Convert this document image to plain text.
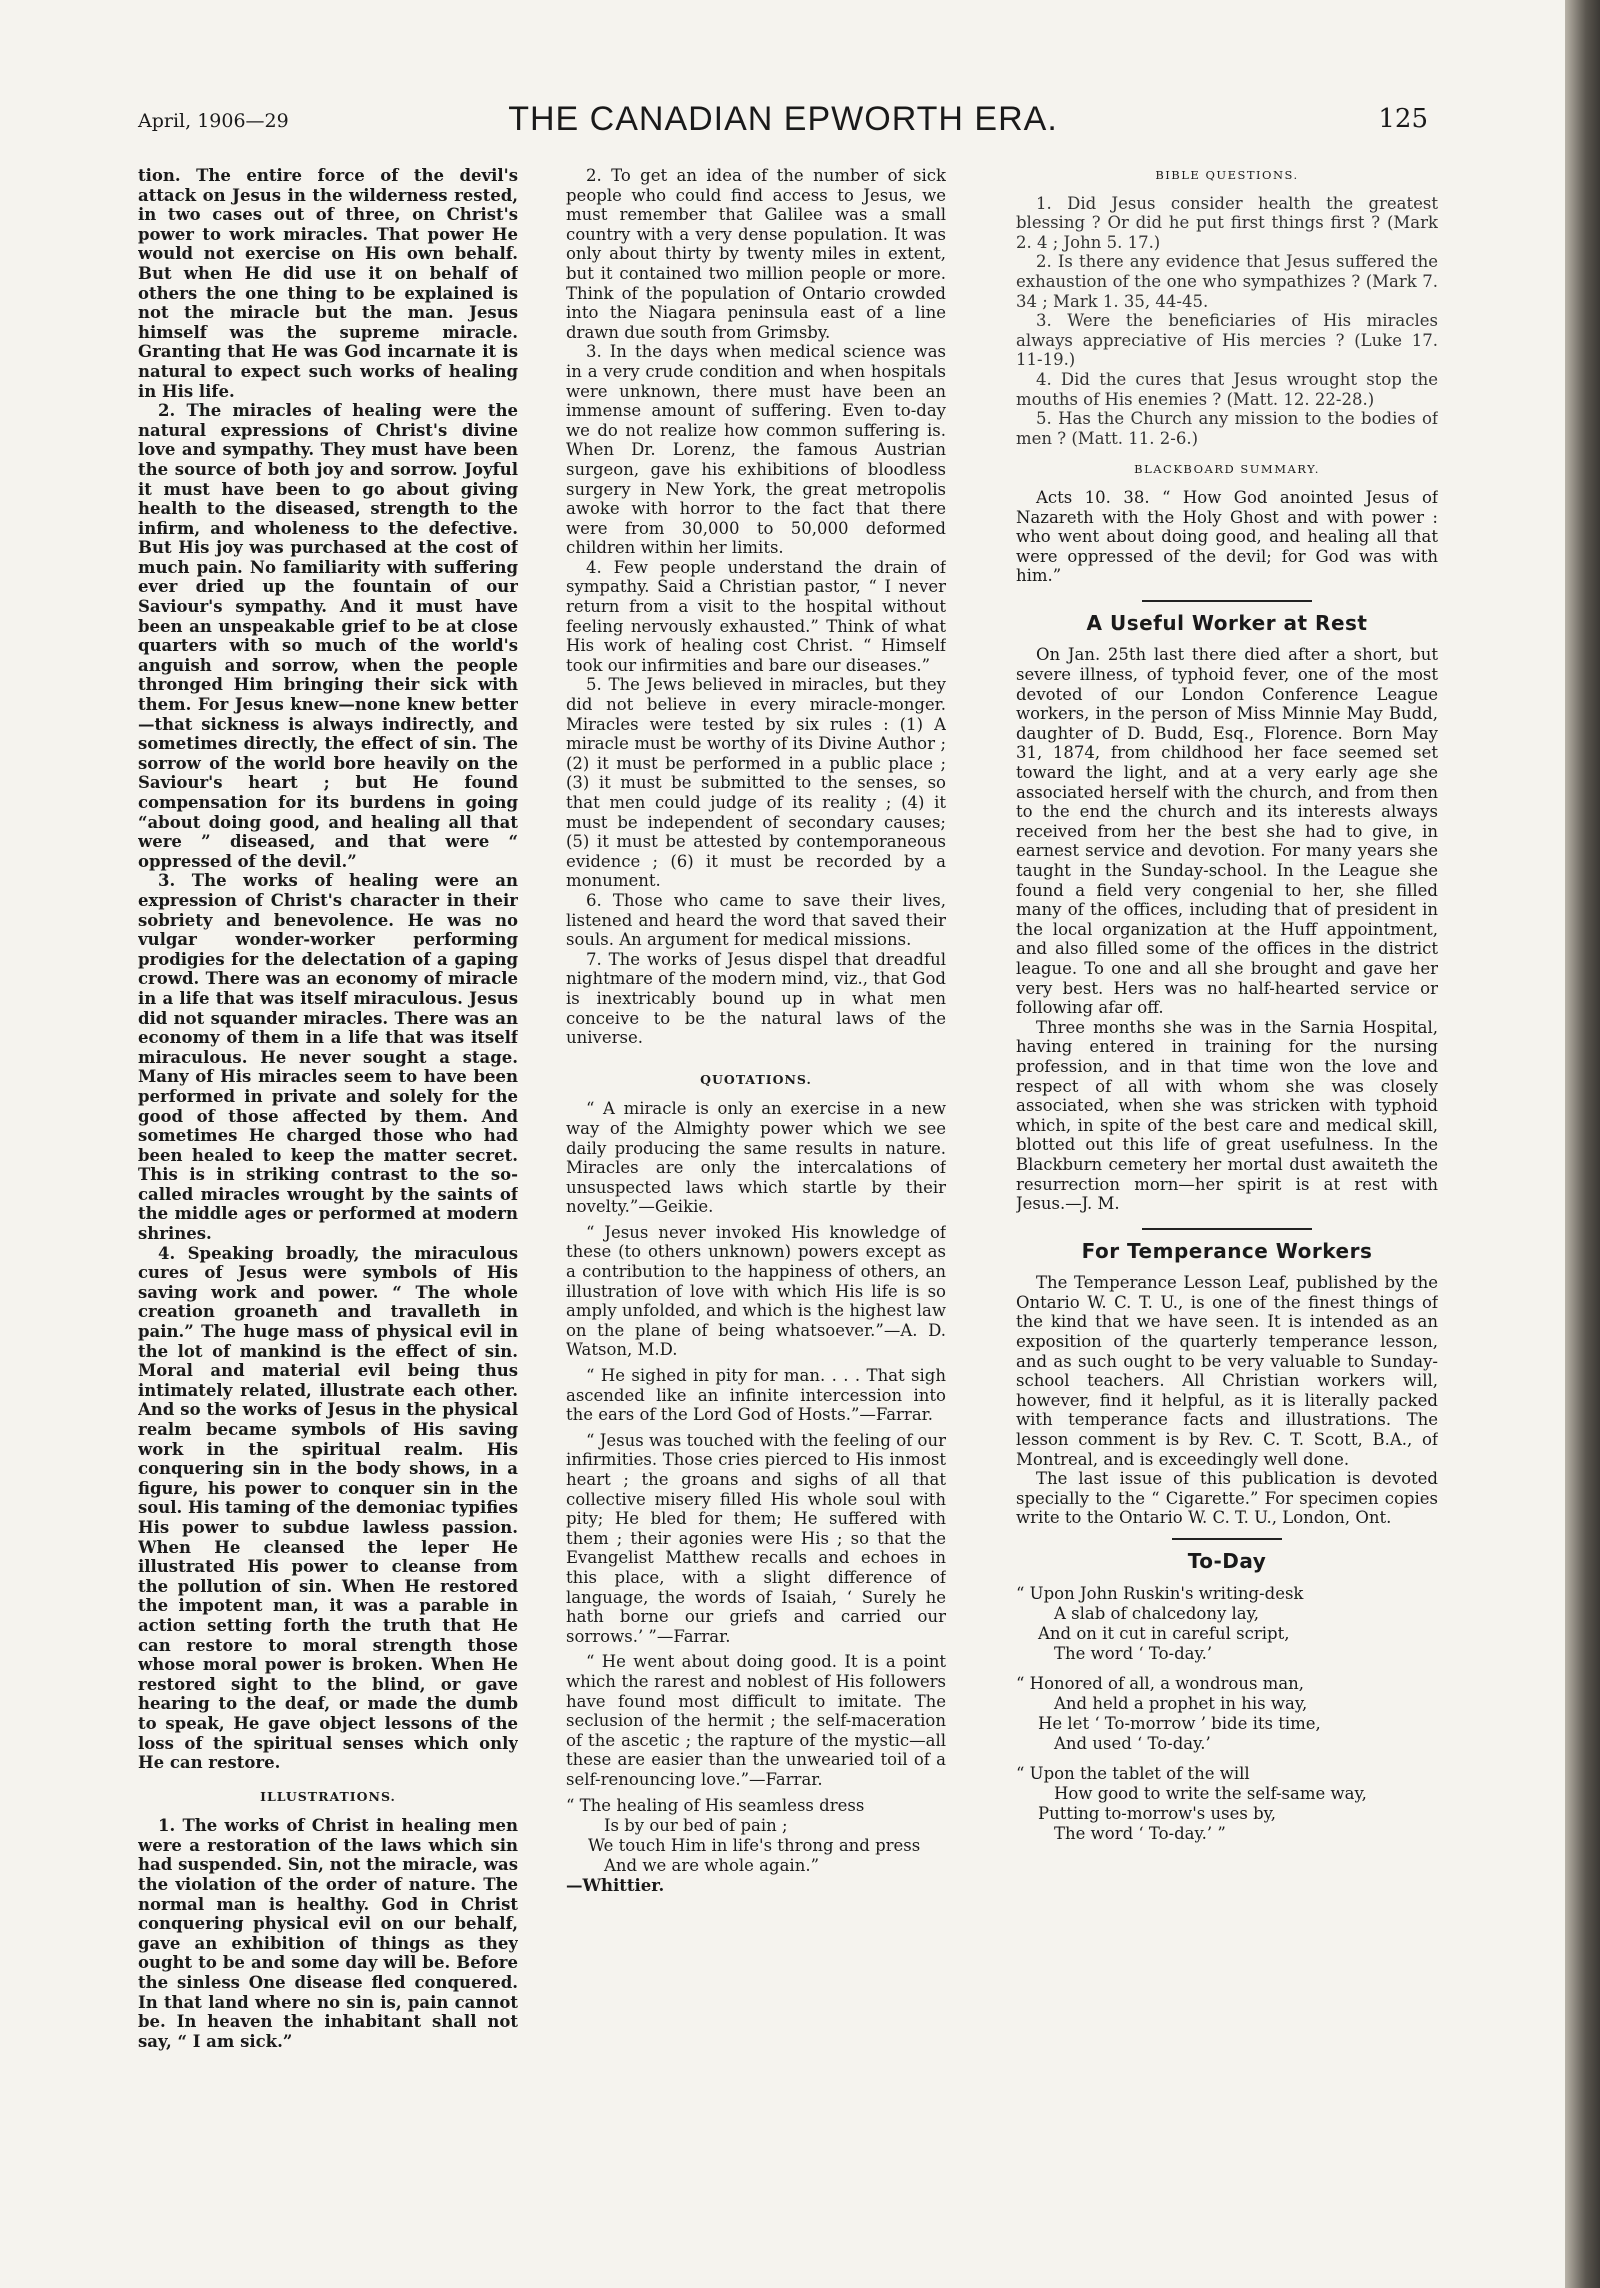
April, 1906—29	THE CANADIAN EPWORTH ERA.	125

tion. The entire force of the devil's attack on Jesus in the wilderness rested, in two cases out of three, on Christ's power to work miracles. That power He would not exercise on His own behalf. But when He did use it on behalf of others the one thing to be explained is not the miracle but the man. Jesus himself was the supreme miracle. Granting that He was God incarnate it is natural to expect such works of healing in His life.

2. The miracles of healing were the natural expressions of Christ's divine love and sympathy. They must have been the source of both joy and sorrow. Joyful it must have been to go about giving health to the diseased, strength to the infirm, and wholeness to the defective. But His joy was purchased at the cost of much pain. No familiarity with suffering ever dried up the fountain of our Saviour's sympathy. And it must have been an unspeakable grief to be at close quarters with so much of the world's anguish and sorrow, when the people thronged Him bringing their sick with them. For Jesus knew—none knew better—that sickness is always indirectly, and sometimes directly, the effect of sin. The sorrow of the world bore heavily on the Saviour's heart ; but He found compensation for its burdens in going “about doing good, and healing all that were ” diseased, and that were “ oppressed of the devil.”

3. The works of healing were an expression of Christ's character in their sobriety and benevolence. He was no vulgar wonder-worker performing prodigies for the delectation of a gaping crowd. There was an economy of miracle in a life that was itself miraculous. Jesus did not squander miracles. There was an economy of them in a life that was itself miraculous. He never sought a stage. Many of His miracles seem to have been performed in private and solely for the good of those affected by them. And sometimes He charged those who had been healed to keep the matter secret. This is in striking contrast to the so-called miracles wrought by the saints of the middle ages or performed at modern shrines.

4. Speaking broadly, the miraculous cures of Jesus were symbols of His saving work and power. “ The whole creation groaneth and travalleth in pain.” The huge mass of physical evil in the lot of mankind is the effect of sin. Moral and material evil being thus intimately related, illustrate each other. And so the works of Jesus in the physical realm became symbols of His saving work in the spiritual realm. His conquering sin in the body shows, in a figure, his power to conquer sin in the soul. His taming of the demoniac typifies His power to subdue lawless passion. When He cleansed the leper He illustrated His power to cleanse from the pollution of sin. When He restored the impotent man, it was a parable in action setting forth the truth that He can restore to moral strength those whose moral power is broken. When He restored sight to the blind, or gave hearing to the deaf, or made the dumb to speak, He gave object lessons of the loss of the spiritual senses which only He can restore.

ILLUSTRATIONS.

1. The works of Christ in healing men were a restoration of the laws which sin had suspended. Sin, not the miracle, was the violation of the order of nature. The normal man is healthy. God in Christ conquering physical evil on our behalf, gave an exhibition of things as they ought to be and some day will be. Before the sinless One disease fled conquered. In that land where no sin is, pain cannot be. In heaven the inhabitant shall not say, “ I am sick.”

2. To get an idea of the number of sick people who could find access to Jesus, we must remember that Galilee was a small country with a very dense population. It was only about thirty by twenty miles in extent, but it contained two million people or more. Think of the population of Ontario crowded into the Niagara peninsula east of a line drawn due south from Grimsby.

3. In the days when medical science was in a very crude condition and when hospitals were unknown, there must have been an immense amount of suffering. Even to-day we do not realize how common suffering is. When Dr. Lorenz, the famous Austrian surgeon, gave his exhibitions of bloodless surgery in New York, the great metropolis awoke with horror to the fact that there were from 30,000 to 50,000 deformed children within her limits.

4. Few people understand the drain of sympathy. Said a Christian pastor, “ I never return from a visit to the hospital without feeling nervously exhausted.” Think of what His work of healing cost Christ. “ Himself took our infirmities and bare our diseases.”

5. The Jews believed in miracles, but they did not believe in every miracle-monger. Miracles were tested by six rules : (1) A miracle must be worthy of its Divine Author ; (2) it must be performed in a public place ; (3) it must be submitted to the senses, so that men could judge of its reality ; (4) it must be independent of secondary causes; (5) it must be attested by contemporaneous evidence ; (6) it must be recorded by a monument.

6. Those who came to save their lives, listened and heard the word that saved their souls. An argument for medical missions.

7. The works of Jesus dispel that dreadful nightmare of the modern mind, viz., that God is inextricably bound up in what men conceive to be the natural laws of the universe.

QUOTATIONS.

“ A miracle is only an exercise in a new way of the Almighty power which we see daily producing the same results in nature. Miracles are only the intercalations of unsuspected laws which startle by their novelty.”—Geikie.

“ Jesus never invoked His knowledge of these (to others unknown) powers except as a contribution to the happiness of others, an illustration of love with which His life is so amply unfolded, and which is the highest law on the plane of being whatsoever.”—A. D. Watson, M.D.

“ He sighed in pity for man. . . . That sigh ascended like an infinite intercession into the ears of the Lord God of Hosts.”—Farrar.

“ Jesus was touched with the feeling of our infirmities. Those cries pierced to His inmost heart ; the groans and sighs of all that collective misery filled His whole soul with pity; He bled for them; He suffered with them ; their agonies were His ; so that the Evangelist Matthew recalls and echoes in this place, with a slight difference of language, the words of Isaiah, ‘ Surely he hath borne our griefs and carried our sorrows.’ ”—Farrar.

“ He went about doing good. It is a point which the rarest and noblest of His followers have found most difficult to imitate. The seclusion of the hermit ; the self-maceration of the ascetic ; the rapture of the mystic—all these are easier than the unwearied toil of a self-renouncing love.”—Farrar.

“ The healing of His seamless dress
Is by our bed of pain ;
We touch Him in life's throng and press
And we are whole again.”
—Whittier.
BIBLE QUESTIONS.

1. Did Jesus consider health the greatest blessing ? Or did he put first things first ? (Mark 2. 4 ; John 5. 17.)

2. Is there any evidence that Jesus suffered the exhaustion of the one who sympathizes ? (Mark 7. 34 ; Mark 1. 35, 44-45.

3. Were the beneficiaries of His miracles always appreciative of His mercies ? (Luke 17. 11-19.)

4. Did the cures that Jesus wrought stop the mouths of His enemies ? (Matt. 12. 22-28.)

5. Has the Church any mission to the bodies of men ? (Matt. 11. 2-6.)

BLACKBOARD SUMMARY.

Acts 10. 38. “ How God anointed Jesus of Nazareth with the Holy Ghost and with power : who went about doing good, and healing all that were oppressed of the devil; for God was with him.”

A Useful Worker at Rest

On Jan. 25th last there died after a short, but severe illness, of typhoid fever, one of the most devoted of our London Conference League workers, in the person of Miss Minnie May Budd, daughter of D. Budd, Esq., Florence. Born May 31, 1874, from childhood her face seemed set toward the light, and at a very early age she associated herself with the church, and from then to the end the church and its interests always received from her the best she had to give, in earnest service and devotion. For many years she taught in the Sunday-school. In the League she found a field very congenial to her, she filled many of the offices, including that of president in the local organization at the Huff appointment, and also filled some of the offices in the district league. To one and all she brought and gave her very best. Hers was no half-hearted service or following afar off.

Three months she was in the Sarnia Hospital, having entered in training for the nursing profession, and in that time won the love and respect of all with whom she was closely associated, when she was stricken with typhoid which, in spite of the best care and medical skill, blotted out this life of great usefulness. In the Blackburn cemetery her mortal dust awaiteth the resurrection morn—her spirit is at rest with Jesus.—J. M.

For Temperance Workers

The Temperance Lesson Leaf, published by the Ontario W. C. T. U., is one of the finest things of the kind that we have seen. It is intended as an exposition of the quarterly temperance lesson, and as such ought to be very valuable to Sunday-school teachers. All Christian workers will, however, find it helpful, as it is literally packed with temperance facts and illustrations. The lesson comment is by Rev. C. T. Scott, B.A., of Montreal, and is exceedingly well done.

The last issue of this publication is devoted specially to the “ Cigarette.” For specimen copies write to the Ontario W. C. T. U., London, Ont.

To-Day
“ Upon John Ruskin's writing-desk
A slab of chalcedony lay,
And on it cut in careful script,
The word ‘ To-day.’
“ Honored of all, a wondrous man,
And held a prophet in his way,
He let ‘ To-morrow ’ bide its time,
And used ‘ To-day.’
“ Upon the tablet of the will
How good to write the self-same way,
Putting to-morrow's uses by,
The word ‘ To-day.’ ”
